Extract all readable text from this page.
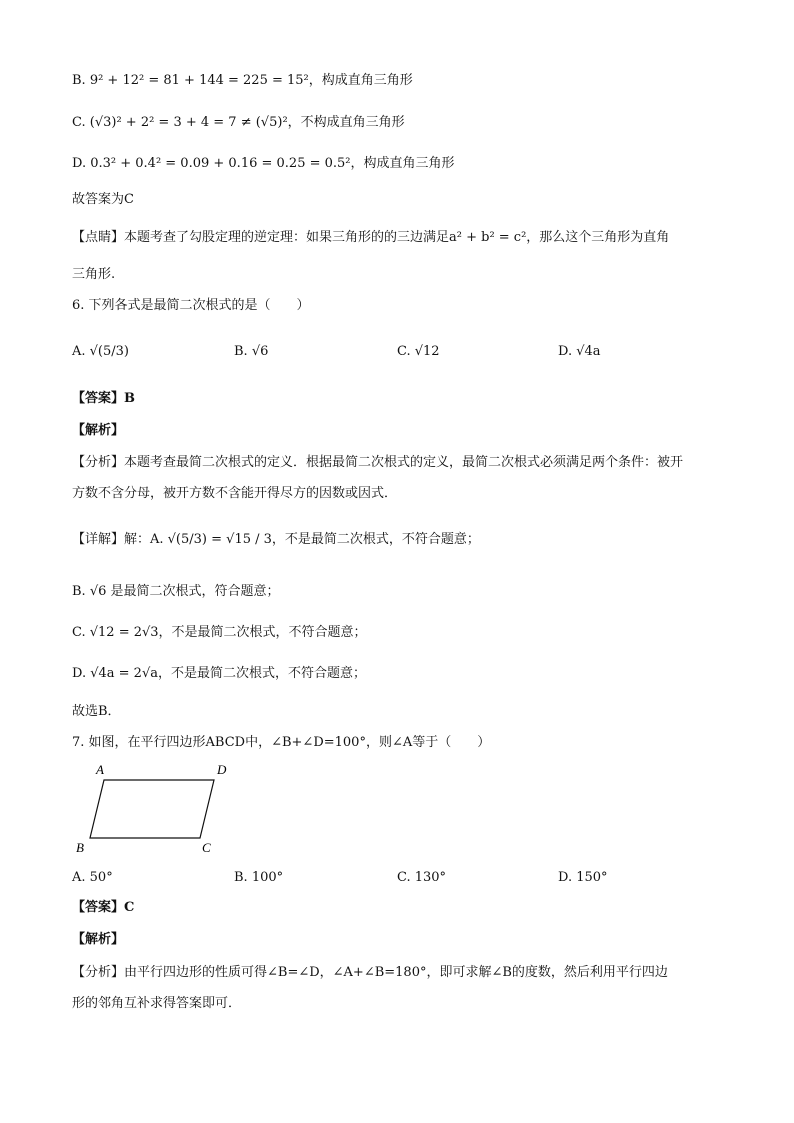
B. 9² + 12² = 81 + 144 = 225 = 15²，构成直角三角形
C. (√3)² + 2² = 3 + 4 = 7 ≠ (√5)²，不构成直角三角形
D. 0.3² + 0.4² = 0.09 + 0.16 = 0.25 = 0.5²，构成直角三角形
故答案为C
【点睛】本题考查了勾股定理的逆定理：如果三角形的的三边满足a² + b² = c²，那么这个三角形为直角
三角形.
6. 下列各式是最简二次根式的是（　　）
A. √(5/3)	B. √6	C. √12	D. √4a
【答案】B
【解析】
【分析】本题考查最简二次根式的定义．根据最简二次根式的定义，最简二次根式必须满足两个条件：被开
方数不含分母，被开方数不含能开得尽方的因数或因式．
【详解】解：A. √(5/3) = √15 / 3，不是最简二次根式，不符合题意；
B. √6 是最简二次根式，符合题意；
C. √12 = 2√3，不是最简二次根式，不符合题意；
D. √4a = 2√a，不是最简二次根式，不符合题意；
故选B．
7. 如图，在平行四边形ABCD中，∠B+∠D=100°，则∠A等于（　　）
A	D
B	C
A. 50°	B. 100°	C. 130°	D. 150°
【答案】C
【解析】
【分析】由平行四边形的性质可得∠B=∠D，∠A+∠B=180°，即可求解∠B的度数，然后利用平行四边
形的邻角互补求得答案即可．
